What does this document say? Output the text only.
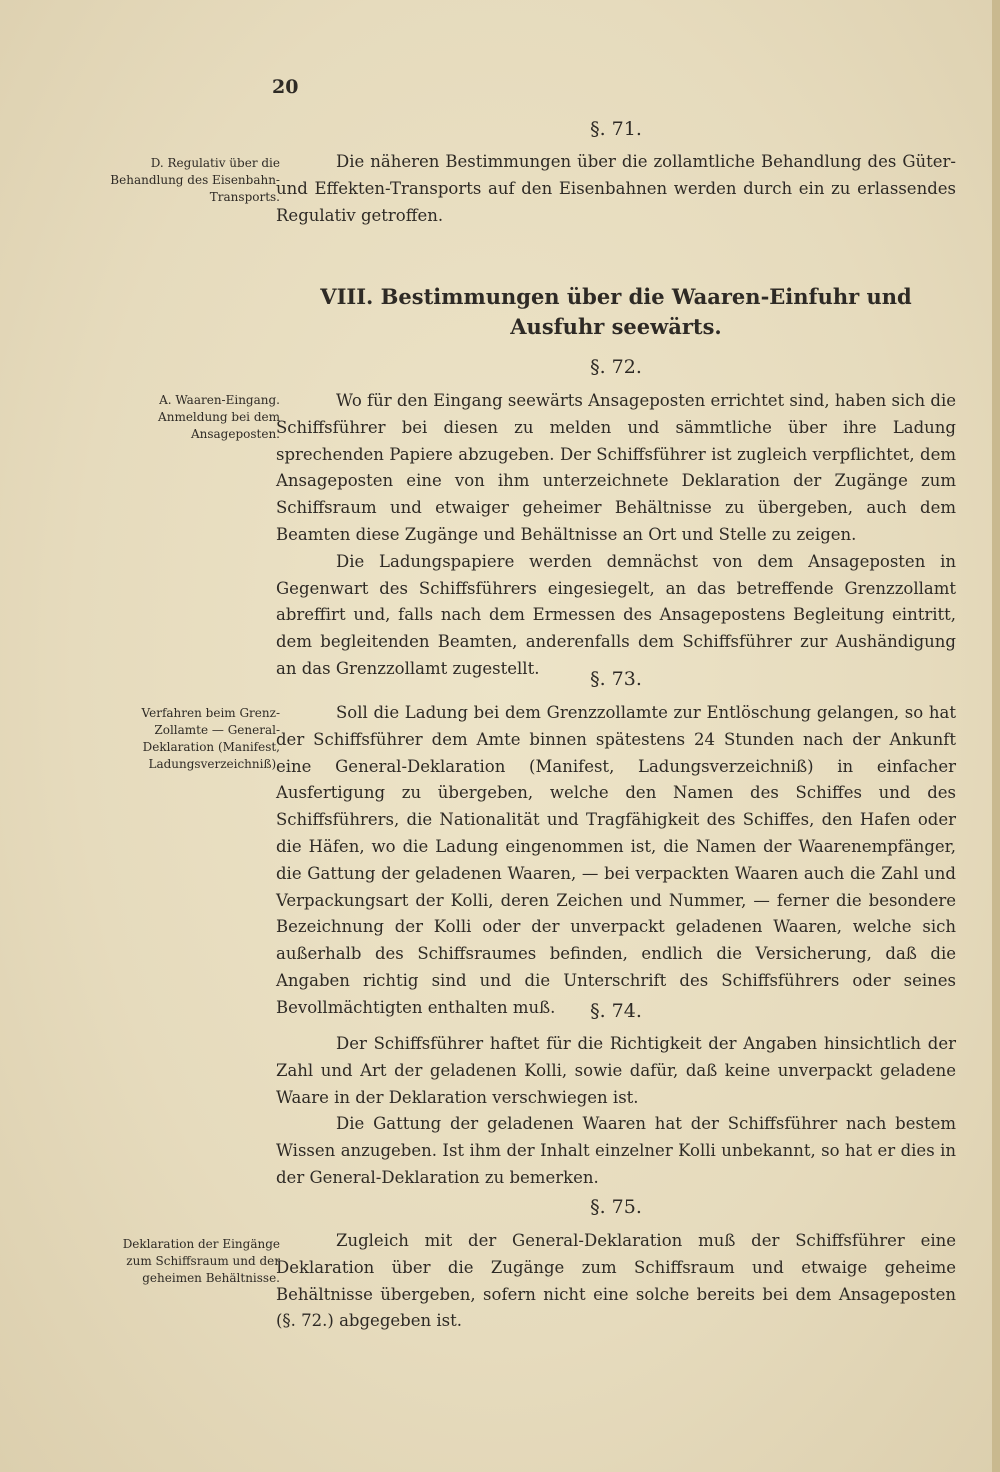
20
§. 71.
D. Regulativ über die Behandlung des Eisenbahn-Transports.

Die näheren Bestimmungen über die zollamtliche Behandlung des Güter- und Effekten-Transports auf den Eisenbahnen werden durch ein zu erlassendes Regulativ getroffen.

VIII. Bestimmungen über die Waaren-Einfuhr und Ausfuhr seewärts.
§. 72.
A. Waaren-Eingang. Anmeldung bei dem Ansageposten.

Wo für den Eingang seewärts Ansageposten errichtet sind, haben sich die Schiffsführer bei diesen zu melden und sämmtliche über ihre Ladung sprechenden Papiere abzugeben. Der Schiffsführer ist zugleich verpflichtet, dem Ansageposten eine von ihm unterzeichnete Deklaration der Zugänge zum Schiffsraum und etwaiger geheimer Behältnisse zu übergeben, auch dem Beamten diese Zugänge und Behältnisse an Ort und Stelle zu zeigen.

Die Ladungspapiere werden demnächst von dem Ansageposten in Gegenwart des Schiffsführers eingesiegelt, an das betreffende Grenzzollamt abreffirt und, falls nach dem Ermessen des Ansagepostens Begleitung eintritt, dem begleitenden Beamten, anderenfalls dem Schiffsführer zur Aushändigung an das Grenzzollamt zugestellt.	§. 73.
Verfahren beim Grenz-Zollamte — General-Deklaration (Manifest, Ladungsverzeichniß).

Soll die Ladung bei dem Grenzzollamte zur Entlöschung gelangen, so hat der Schiffsführer dem Amte binnen spätestens 24 Stunden nach der Ankunft eine General-Deklaration (Manifest, Ladungsverzeichniß) in einfacher Ausfertigung zu übergeben, welche den Namen des Schiffes und des Schiffsführers, die Nationalität und Tragfähigkeit des Schiffes, den Hafen oder die Häfen, wo die Ladung eingenommen ist, die Namen der Waarenempfänger, die Gattung der geladenen Waaren, — bei verpackten Waaren auch die Zahl und Verpackungsart der Kolli, deren Zeichen und Nummer, — ferner die besondere Bezeichnung der Kolli oder der unverpackt geladenen Waaren, welche sich außerhalb des Schiffsraumes befinden, endlich die Versicherung, daß die Angaben richtig sind und die Unterschrift des Schiffsführers oder seines Bevollmächtigten enthalten muß.	§. 74.

Der Schiffsführer haftet für die Richtigkeit der Angaben hinsichtlich der Zahl und Art der geladenen Kolli, sowie dafür, daß keine unverpackt geladene Waare in der Deklaration verschwiegen ist.

Die Gattung der geladenen Waaren hat der Schiffsführer nach bestem Wissen anzugeben. Ist ihm der Inhalt einzelner Kolli unbekannt, so hat er dies in der General-Deklaration zu bemerken.

§. 75.
Deklaration der Eingänge zum Schiffsraum und der geheimen Behältnisse.

Zugleich mit der General-Deklaration muß der Schiffsführer eine Deklaration über die Zugänge zum Schiffsraum und etwaige geheime Behältnisse übergeben, sofern nicht eine solche bereits bei dem Ansageposten (§. 72.) abgegeben ist.
